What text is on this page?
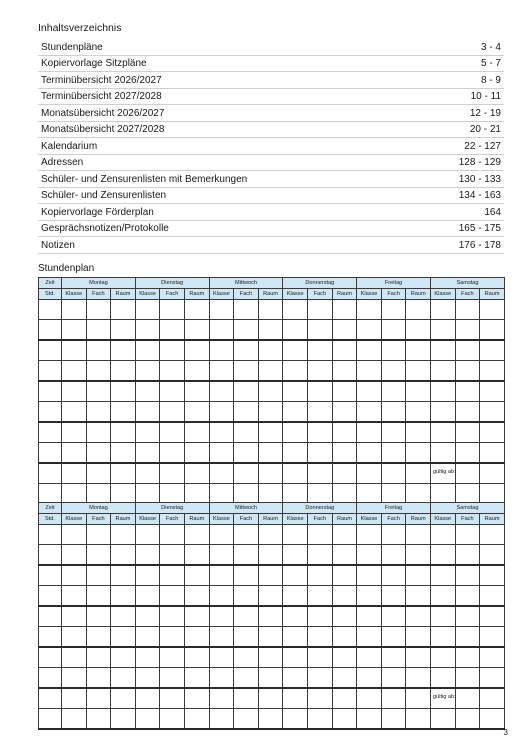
Inhaltsverzeichnis
Stundenpläne	3 - 4
Kopiervorlage Sitzpläne	5 - 7
Terminübersicht 2026/2027	8 - 9
Terminübersicht 2027/2028	10 - 11
Monatsübersicht 2026/2027	12 - 19
Monatsübersicht 2027/2028	20 - 21
Kalendarium	22 - 127
Adressen	128 - 129
Schüler- und Zensurenlisten mit Bemerkungen	130 - 133
Schüler- und Zensurenlisten	134 - 163
Kopiervorlage Förderplan	164
Gesprächsnotizen/Protokolle	165 - 175
Notizen	176 - 178
Stundenplan
Zeit	Montag			Dienstag			Mittwoch			Donnerstag			Freitag			Samstag		
Std.	Klasse	Fach	Raum	Klasse	Fach	Raum	Klasse	Fach	Raum	Klasse	Fach	Raum	Klasse	Fach	Raum	Klasse	Fach	Raum

																gültig ab:		

Zeit	Montag			Dienstag			Mittwoch			Donnerstag			Freitag			Samstag		
Std.	Klasse	Fach	Raum	Klasse	Fach	Raum	Klasse	Fach	Raum	Klasse	Fach	Raum	Klasse	Fach	Raum	Klasse	Fach	Raum

																gültig ab:		

3
